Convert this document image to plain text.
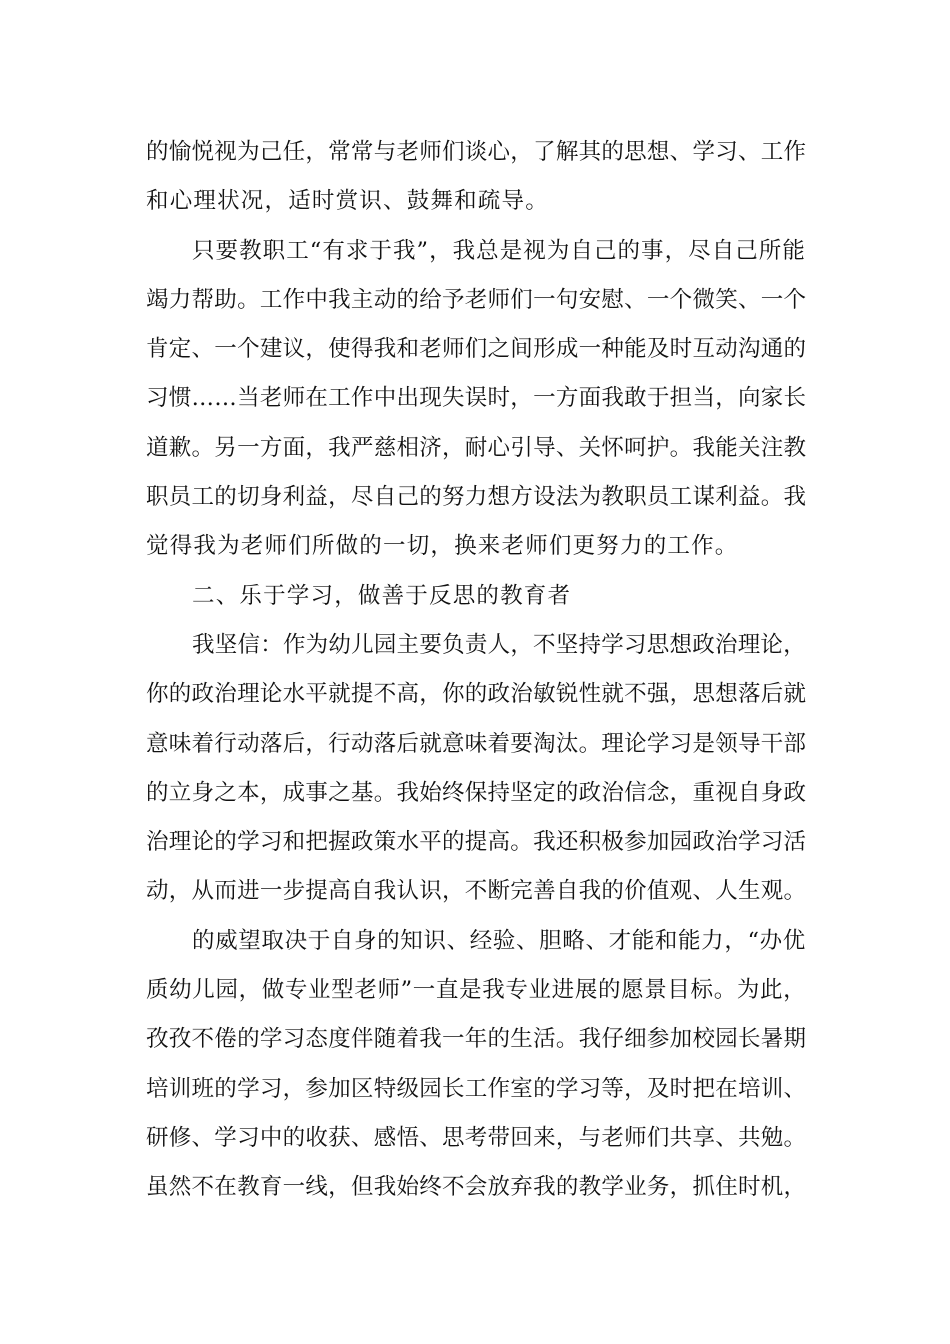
的愉悦视为己任，常常与老师们谈心，了解其的思想、学习、工作
和心理状况，适时赏识、鼓舞和疏导。
只要教职工“有求于我”，我总是视为自己的事，尽自己所能
竭力帮助。工作中我主动的给予老师们一句安慰、一个微笑、一个
肯定、一个建议，使得我和老师们之间形成一种能及时互动沟通的
习惯……当老师在工作中出现失误时，一方面我敢于担当，向家长
道歉。另一方面，我严慈相济，耐心引导、关怀呵护。我能关注教
职员工的切身利益，尽自己的努力想方设法为教职员工谋利益。我
觉得我为老师们所做的一切，换来老师们更努力的工作。
二、乐于学习，做善于反思的教育者
我坚信：作为幼儿园主要负责人，不坚持学习思想政治理论，
你的政治理论水平就提不高，你的政治敏锐性就不强，思想落后就
意味着行动落后，行动落后就意味着要淘汰。理论学习是领导干部
的立身之本，成事之基。我始终保持坚定的政治信念，重视自身政
治理论的学习和把握政策水平的提高。我还积极参加园政治学习活
动，从而进一步提高自我认识，不断完善自我的价值观、人生观。
的威望取决于自身的知识、经验、胆略、才能和能力，“办优
质幼儿园，做专业型老师”一直是我专业进展的愿景目标。为此，
孜孜不倦的学习态度伴随着我一年的生活。我仔细参加校园长暑期
培训班的学习，参加区特级园长工作室的学习等，及时把在培训、
研修、学习中的收获、感悟、思考带回来，与老师们共享、共勉。
虽然不在教育一线，但我始终不会放弃我的教学业务，抓住时机，
